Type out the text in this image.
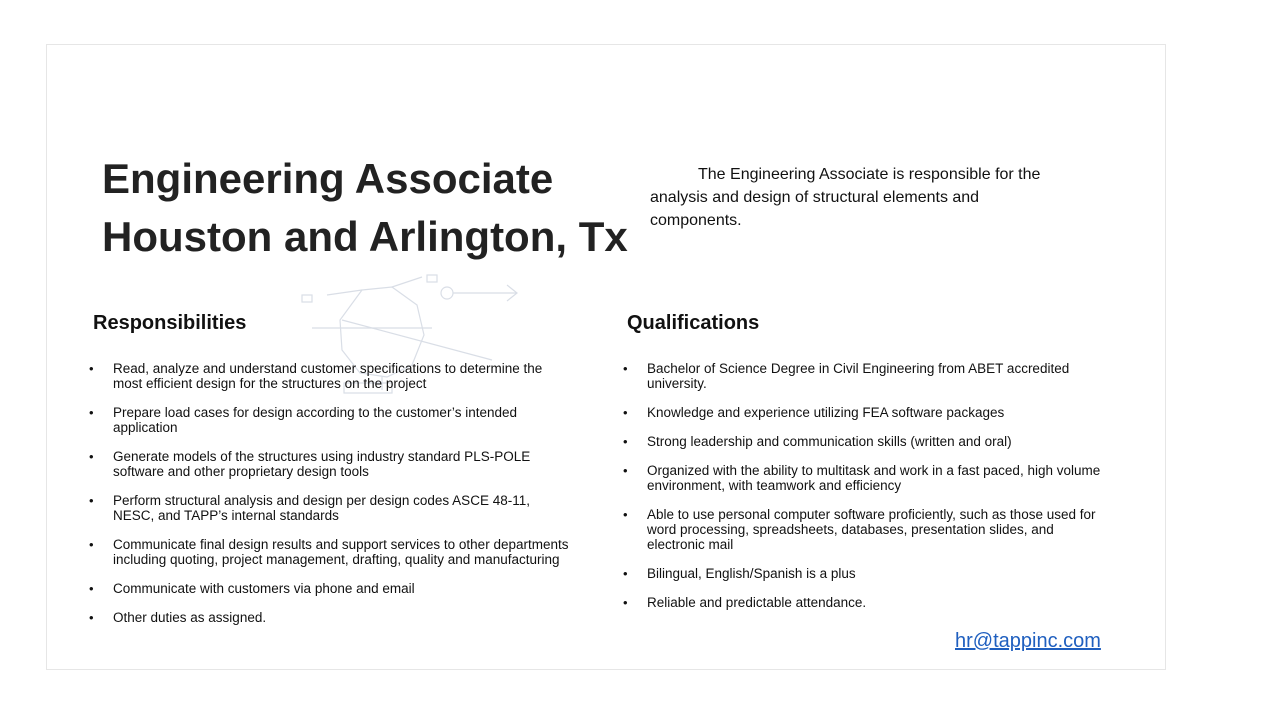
Engineering Associate
Houston and Arlington, Tx

The Engineering Associate is responsible for the analysis and design of structural elements and components.

Responsibilities
• Read, analyze and understand customer specifications to determine the most efficient design for the structures on the project
• Prepare load cases for design according to the customer’s intended application
• Generate models of the structures using industry standard PLS-POLE software and other proprietary design tools
• Perform structural analysis and design per design codes ASCE 48-11, NESC, and TAPP’s internal standards
• Communicate final design results and support services to other departments including quoting, project management, drafting, quality and manufacturing
• Communicate with customers via phone and email
• Other duties as assigned.
Qualifications
• Bachelor of Science Degree in Civil Engineering from ABET accredited university.
• Knowledge and experience utilizing FEA software packages
• Strong leadership and communication skills (written and oral)
• Organized with the ability to multitask and work in a fast paced, high volume environment, with teamwork and efficiency
• Able to use personal computer software proficiently, such as those used for word processing, spreadsheets, databases, presentation slides, and electronic mail
• Bilingual, English/Spanish is a plus
• Reliable and predictable attendance.
hr@tappinc.com
